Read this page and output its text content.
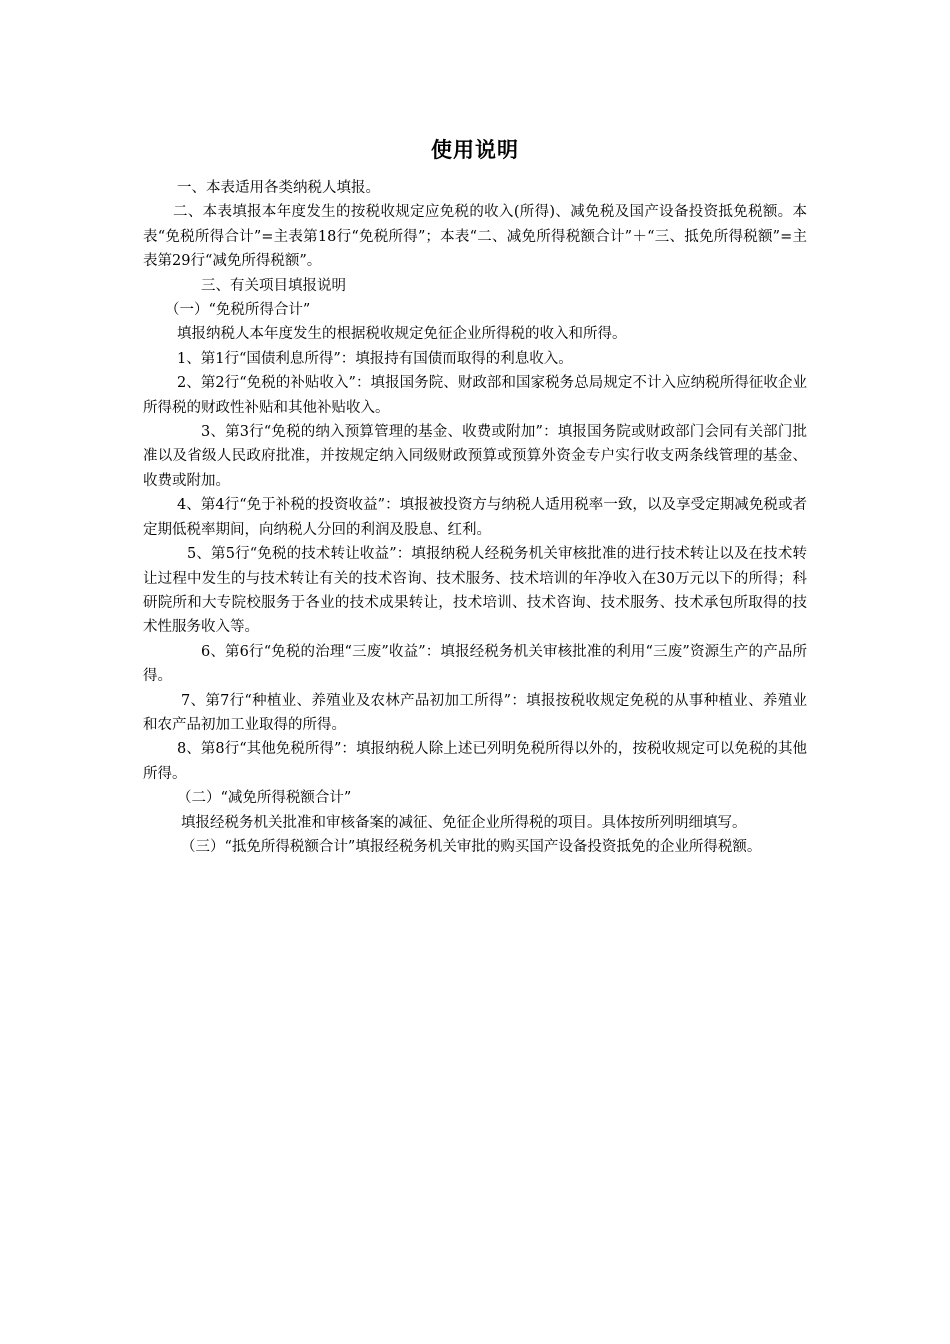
使用说明

一、本表适用各类纳税人填报。

二、本表填报本年度发生的按税收规定应免税的收入(所得)、减免税及国产设备投资抵免税额。本表“免税所得合计”=主表第18行“免税所得”；本表“二、减免所得税额合计”＋“三、抵免所得税额”=主表第29行“减免所得税额”。

三、有关项目填报说明

（一）“免税所得合计”

填报纳税人本年度发生的根据税收规定免征企业所得税的收入和所得。

1、第1行“国债利息所得”：填报持有国债而取得的利息收入。

2、第2行“免税的补贴收入”：填报国务院、财政部和国家税务总局规定不计入应纳税所得征收企业所得税的财政性补贴和其他补贴收入。

3、第3行“免税的纳入预算管理的基金、收费或附加”：填报国务院或财政部门会同有关部门批准以及省级人民政府批准，并按规定纳入同级财政预算或预算外资金专户实行收支两条线管理的基金、收费或附加。

4、第4行“免于补税的投资收益”：填报被投资方与纳税人适用税率一致，以及享受定期减免税或者定期低税率期间，向纳税人分回的利润及股息、红利。

5、第5行“免税的技术转让收益”：填报纳税人经税务机关审核批准的进行技术转让以及在技术转让过程中发生的与技术转让有关的技术咨询、技术服务、技术培训的年净收入在30万元以下的所得；科研院所和大专院校服务于各业的技术成果转让，技术培训、技术咨询、技术服务、技术承包所取得的技术性服务收入等。

6、第6行“免税的治理“三废”收益”：填报经税务机关审核批准的利用“三废”资源生产的产品所得。

7、第7行“种植业、养殖业及农林产品初加工所得”：填报按税收规定免税的从事种植业、养殖业和农产品初加工业取得的所得。

8、第8行“其他免税所得”：填报纳税人除上述已列明免税所得以外的，按税收规定可以免税的其他所得。

（二）“减免所得税额合计”

填报经税务机关批准和审核备案的减征、免征企业所得税的项目。具体按所列明细填写。

（三）“抵免所得税额合计”填报经税务机关审批的购买国产设备投资抵免的企业所得税额。
